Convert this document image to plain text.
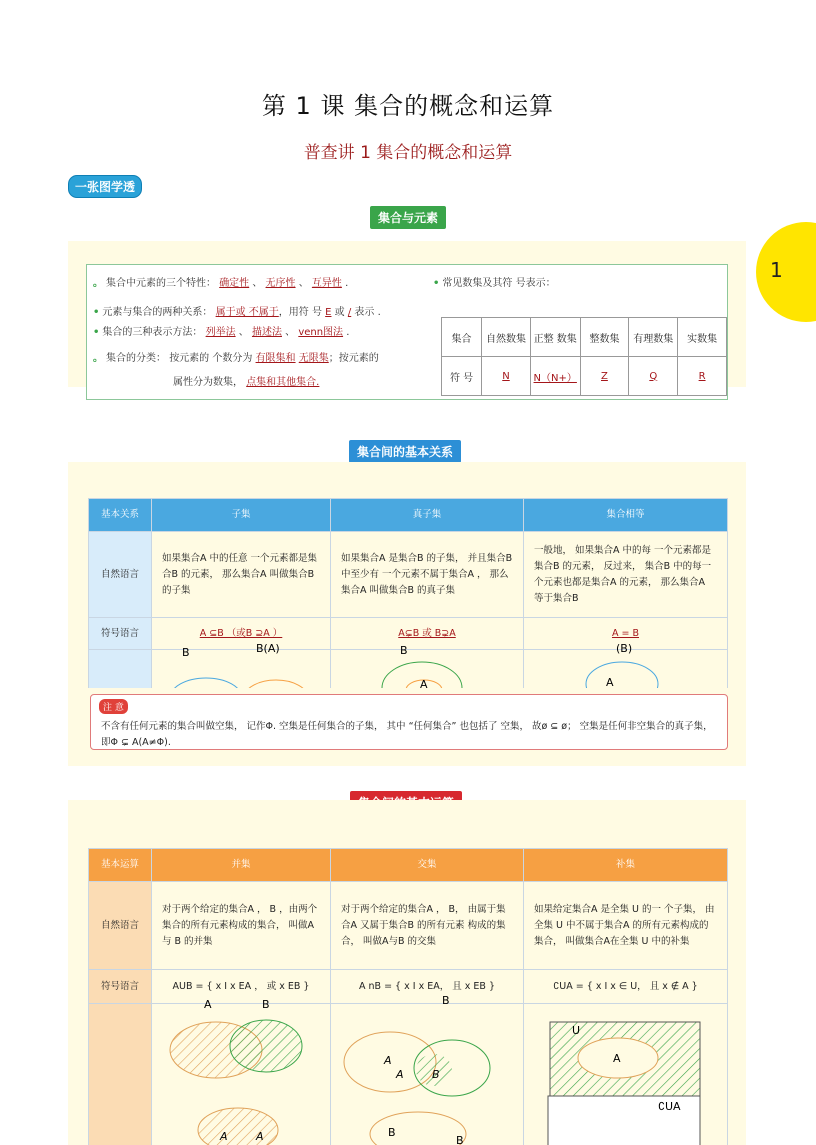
第 1 课 集合的概念和运算
普查讲 1 集合的概念和运算
一张图学透
1
集合与元素
。 集合中元素的三个特性： 确定性 、 无序性 、 互异性 .
• 元素与集合的两种关系： 属于或 不属于，用符 号 E 或 / 表示 .
• 集合的三种表示方法： 列举法 、 描述法 、 venn图法 .
。 集合的分类： 按元素的 个数分为 有限集和 无限集；按元素的
属性分为数集， 点集和其他集合.
• 常见数集及其符 号表示：
集合	自然数集	正整 数集	整数集	有理数集	实数集
符 号	N	N（N+）	Z	Q	R
集合间的基本关系
基本关系	子集	真子集	集合相等
自然语言	如果集合A 中的任意 一个元素都是集合B 的元素， 那么集合A 叫做集合B 的子集	如果集合A 是集合B 的子集， 并且集合B 中至少有 一个元素不属于集合A ， 那么集合A 叫做集合B 的真子集	一般地， 如果集合A 中的每 一个元素都是集合B 的元素， 反过来， 集合B 中的每一个元素也都是集合A 的元素， 那么集合A 等于集合B
符号语言	A ⊆B （或B ⊇A ）	A⊊B 或 B⊋A	A = B

B	B(A)	B	(B)
A	A
注 意
不含有任何元素的集合叫做空集， 记作Φ. 空集是任何集合的子集， 其中 “任何集合” 也包括了 空集， 故ø ⊆ ø； 空集是任何非空集合的真子集， 即Φ ⊊ A(A≠Φ).
基本运算	并集	交集	补集
自然语言	对于两个给定的集合A ， B ，由两个集合的所有元素构成的集合， 叫做A 与 B 的并集	对于两个给定的集合A ， B， 由属于集合A 又属于集合B 的所有元素 构成的集合， 叫做A与B 的交集	如果给定集合A 是全集 U 的一 个子集， 由全集 U 中不属于集合A 的所有元素构成的集合， 叫做集合A在全集 U 中的补集
符号语言	AUB = { x I x EA ， 或 x EB }	A nB = { x I x EA， 且 x EB }	∁UA = { x I x ∈ U， 且 x ∉ A }

A	B
A	A
B
A
A	B
B
B
U
A
∁UA
